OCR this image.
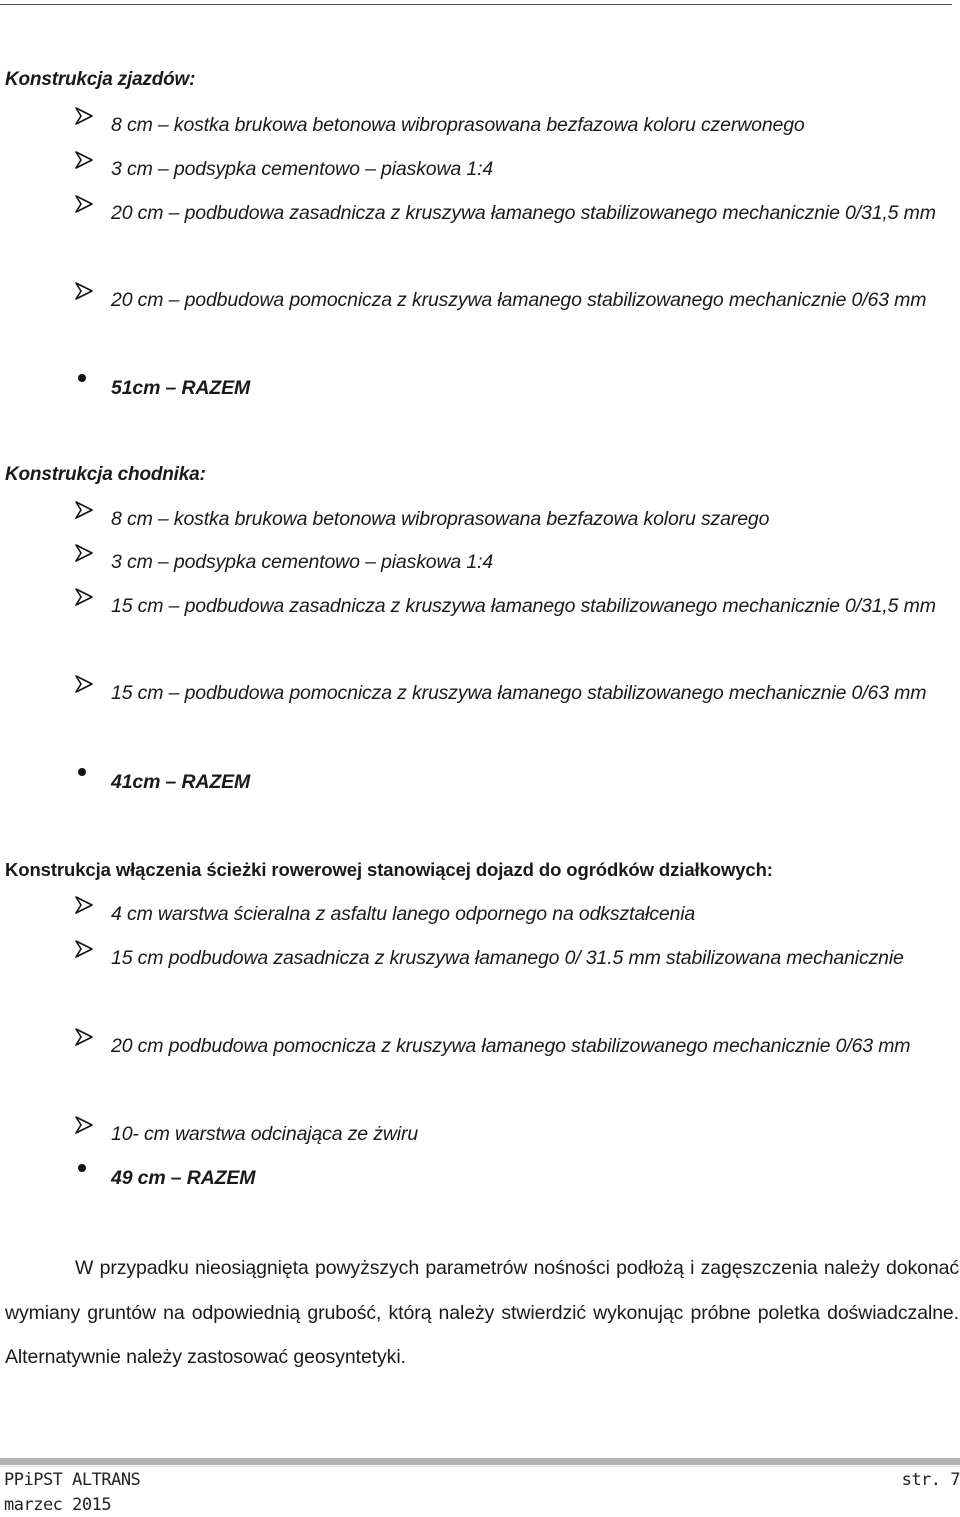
Konstrukcja zjazdów:
8 cm – kostka brukowa betonowa wibroprasowana bezfazowa koloru czerwonego
3 cm – podsypka cementowo – piaskowa 1:4
20 cm – podbudowa zasadnicza z kruszywa łamanego stabilizowanego mechanicznie 0/31,5 mm
20 cm – podbudowa pomocnicza z kruszywa łamanego stabilizowanego mechanicznie 0/63 mm
51cm – RAZEM
Konstrukcja chodnika:
8 cm – kostka brukowa betonowa wibroprasowana bezfazowa koloru szarego
3 cm – podsypka cementowo – piaskowa 1:4
15 cm – podbudowa zasadnicza z kruszywa łamanego stabilizowanego mechanicznie 0/31,5 mm
15 cm – podbudowa pomocnicza z kruszywa łamanego stabilizowanego mechanicznie 0/63 mm
41cm – RAZEM
Konstrukcja włączenia ścieżki rowerowej stanowiącej dojazd do ogródków działkowych:
4 cm warstwa ścieralna z asfaltu lanego odpornego na odkształcenia
15 cm podbudowa zasadnicza z kruszywa łamanego 0/ 31.5 mm stabilizowana mechanicznie
20 cm podbudowa pomocnicza z kruszywa łamanego stabilizowanego mechanicznie 0/63 mm
10- cm warstwa odcinająca ze żwiru
49 cm – RAZEM
W przypadku nieosiągnięta powyższych parametrów nośności podłożą i zagęszczenia należy dokonać wymiany gruntów na odpowiednią grubość, którą należy stwierdzić wykonując próbne poletka doświadczalne. Alternatywnie należy zastosować geosyntetyki.
PPiPST ALTRANS
marzec 2015
str. 7
